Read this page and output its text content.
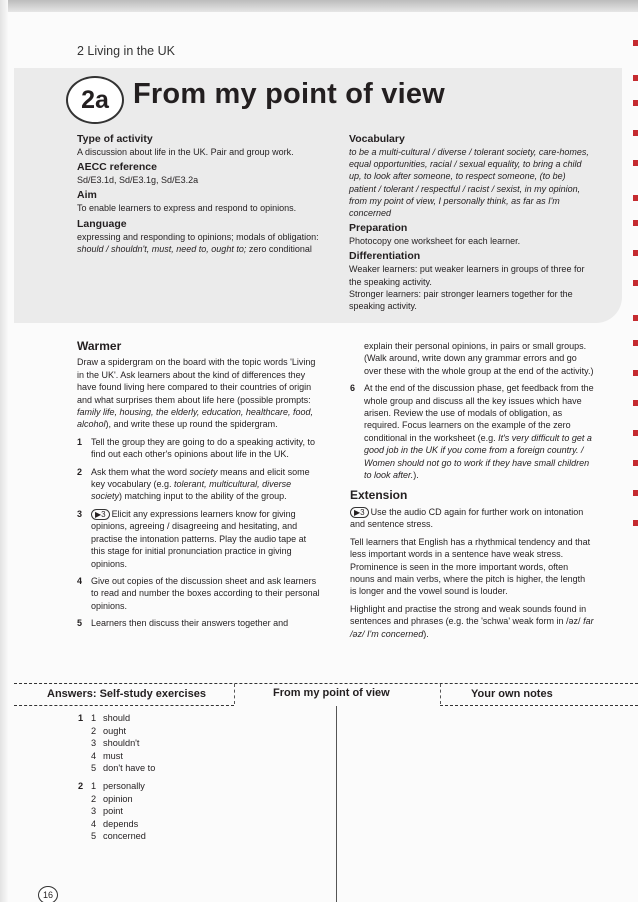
2 Living in the UK
2a From my point of view
Type of activity

A discussion about life in the UK. Pair and group work.

AECC reference

Sd/E3.1d, Sd/E3.1g, Sd/E3.2a

Aim

To enable learners to express and respond to opinions.

Language

expressing and responding to opinions; modals of obligation: should / shouldn't, must, need to, ought to; zero conditional

Vocabulary

to be a multi-cultural / diverse / tolerant society, care-homes, equal opportunities, racial / sexual equality, to bring a child up, to look after someone, to respect someone, (to be) patient / tolerant / respectful / racist / sexist, in my opinion, from my point of view, I personally think, as far as I'm concerned

Preparation

Photocopy one worksheet for each learner.

Differentiation

Weaker learners: put weaker learners in groups of three for the speaking activity.

Stronger learners: pair stronger learners together for the speaking activity.

Warmer

Draw a spidergram on the board with the topic words 'Living in the UK'. Ask learners about the kind of differences they have found living here compared to their countries of origin and what surprises them about life here (possible prompts: family life, housing, the elderly, education, healthcare, food, alcohol), and write these up round the spidergram.

1 Tell the group they are going to do a speaking activity, to find out each other's opinions about life in the UK.
2 Ask them what the word society means and elicit some key vocabulary (e.g. tolerant, multicultural, diverse society) matching input to the ability of the group.
3	▶3 Elicit any expressions learners know for giving opinions, agreeing / disagreeing and hesitating, and practise the intonation patterns. Play the audio tape at this stage for initial pronunciation practice in giving opinions.
4 Give out copies of the discussion sheet and ask learners to read and number the boxes according to their personal opinions.
5 Learners then discuss their answers together and

explain their personal opinions, in pairs or small groups. (Walk around, write down any grammar errors and go over these with the whole group at the end of the activity.)

6 At the end of the discussion phase, get feedback from the whole group and discuss all the key issues which have arisen. Review the use of modals of obligation, as required. Focus learners on the example of the zero conditional in the worksheet (e.g. It's very difficult to get a good job in the UK if you come from a foreign country. / Women should not go to work if they have small children to look after.).
Extension

▶3 Use the audio CD again for further work on intonation and sentence stress.

Tell learners that English has a rhythmical tendency and that less important words in a sentence have weak stress. Prominence is seen in the more important words, often nouns and main verbs, where the pitch is higher, the length is longer and the vowel sound is louder.

Highlight and practise the strong and weak sounds found in sentences and phrases (e.g. the 'schwa' weak form in /əz/ far /əz/ I'm concerned).

Answers: Self-study exercises	From my point of view	Your own notes
1 1 should
2 ought
3 shouldn't
4 must
5 don't have to
2 1 personally
2 opinion
3 point
4 depends
5 concerned
16
